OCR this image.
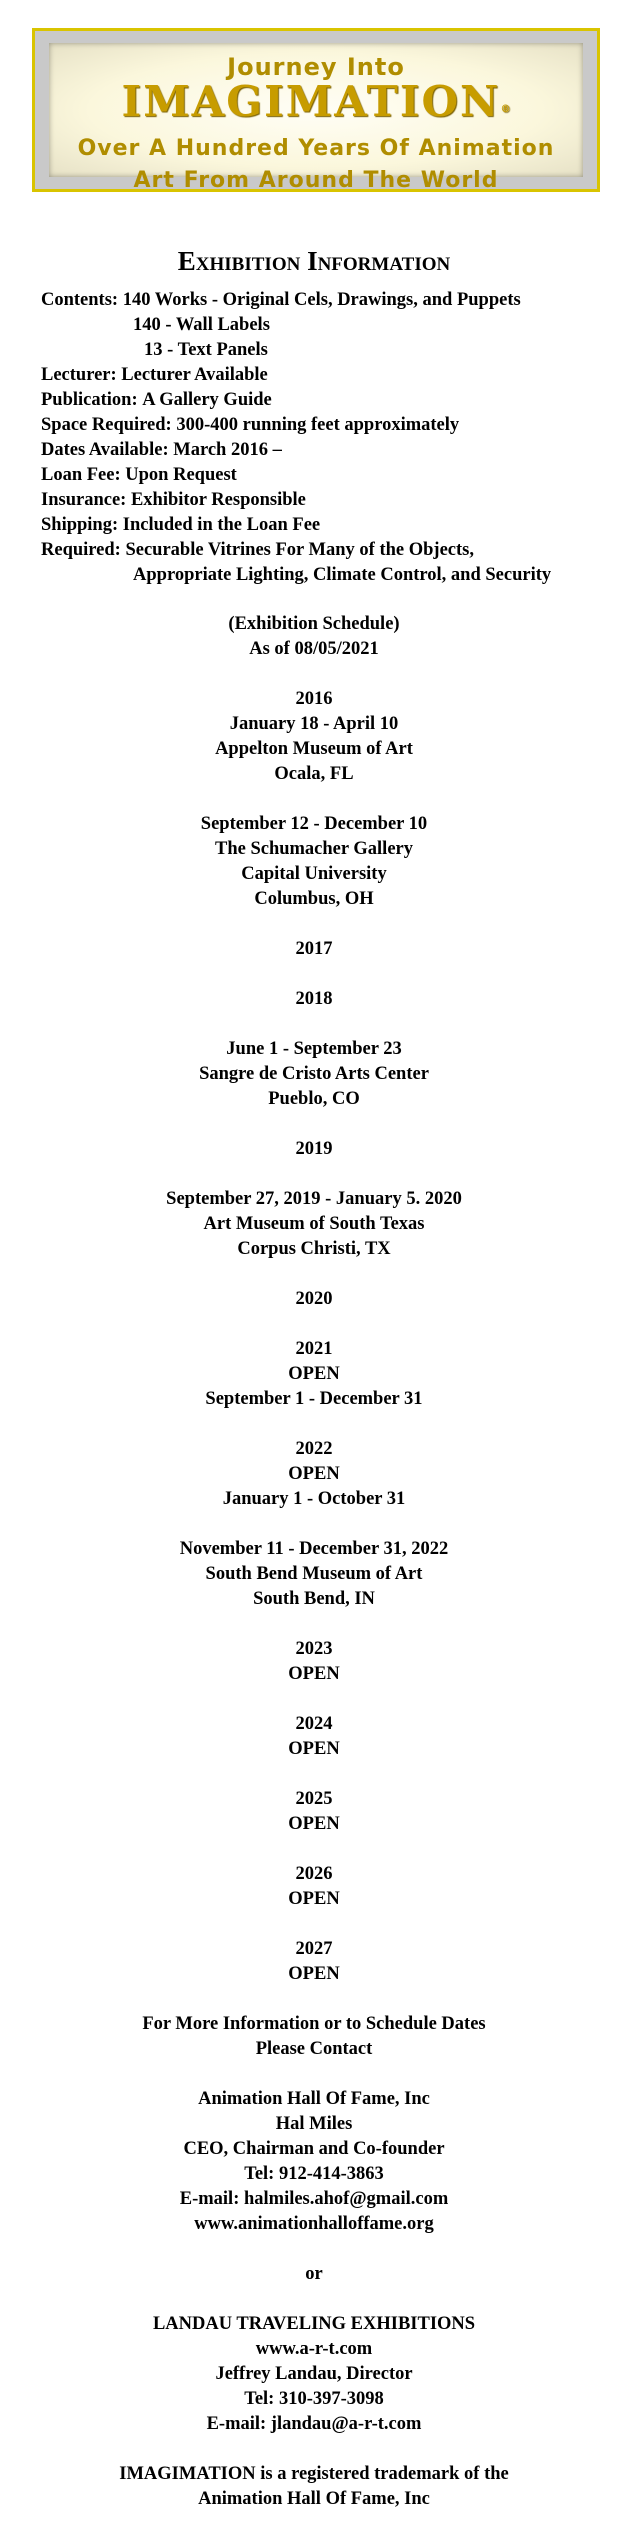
Journey Into
IMAGIMATION®
Over A Hundred Years Of Animation
Art From Around The World
Exhibition Information
Contents: 140 Works - Original Cels, Drawings, and Puppets
140 - Wall Labels
13 - Text Panels
Lecturer: Lecturer Available
Publication: A Gallery Guide
Space Required: 300-400 running feet approximately
Dates Available: March 2016 –
Loan Fee: Upon Request
Insurance: Exhibitor Responsible
Shipping: Included in the Loan Fee
Required: Securable Vitrines For Many of the Objects,
Appropriate Lighting, Climate Control, and Security
(Exhibition Schedule)
As of 08/05/2021
2016
January 18 - April 10
Appelton Museum of Art
Ocala, FL
September 12 - December 10
The Schumacher Gallery
Capital University
Columbus, OH
2017
2018
June 1 - September 23
Sangre de Cristo Arts Center
Pueblo, CO
2019
September 27, 2019 - January 5. 2020
Art Museum of South Texas
Corpus Christi, TX
2020
2021
OPEN
September 1 - December 31
2022
OPEN
January 1 - October 31
November 11 - December 31, 2022
South Bend Museum of Art
South Bend, IN
2023
OPEN
2024
OPEN
2025
OPEN
2026
OPEN
2027
OPEN
For More Information or to Schedule Dates
Please Contact
Animation Hall Of Fame, Inc
Hal Miles
CEO, Chairman and Co-founder
Tel: 912-414-3863
E-mail: halmiles.ahof@gmail.com
www.animationhalloffame.org
or
LANDAU TRAVELING EXHIBITIONS
www.a-r-t.com
Jeffrey Landau, Director
Tel: 310-397-3098
E-mail: jlandau@a-r-t.com
IMAGIMATION is a registered trademark of the
Animation Hall Of Fame, Inc
